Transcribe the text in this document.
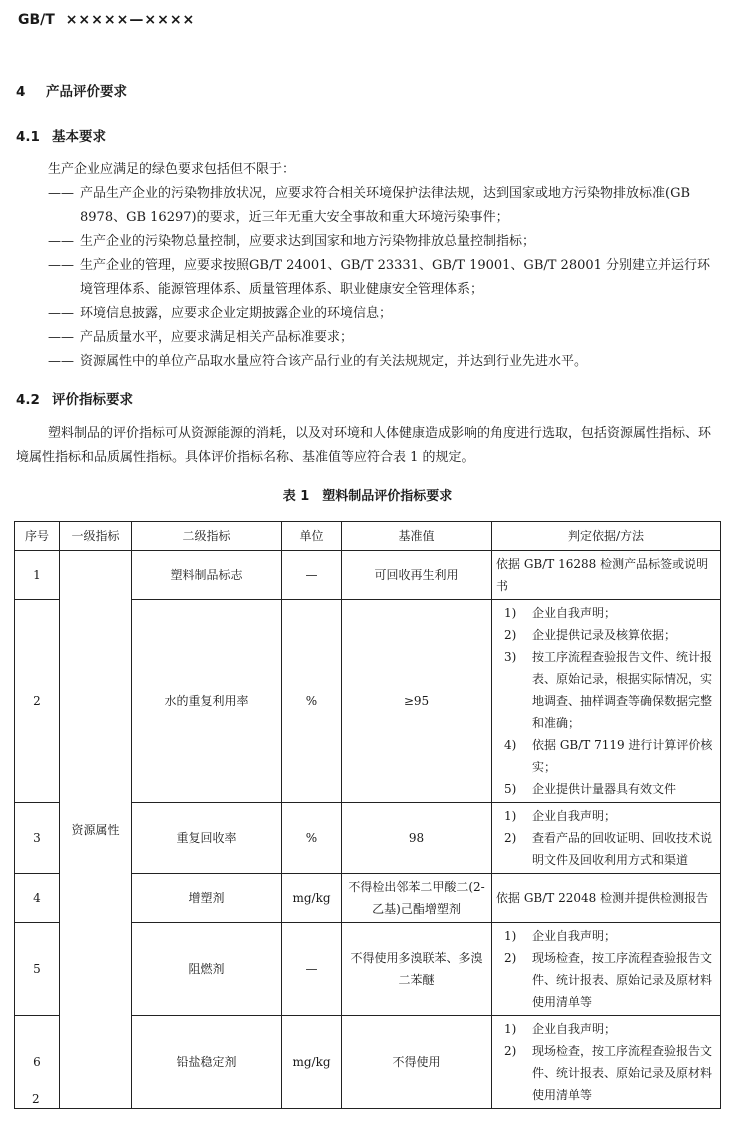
GB/T ×××××—××××
4 产品评价要求
4.1 基本要求
生产企业应满足的绿色要求包括但不限于：
—— 产品生产企业的污染物排放状况，应要求符合相关环境保护法律法规，达到国家或地方污染物排放标准(GB 8978、GB 16297)的要求，近三年无重大安全事故和重大环境污染事件；
—— 生产企业的污染物总量控制，应要求达到国家和地方污染物排放总量控制指标；
—— 生产企业的管理，应要求按照GB/T 24001、GB/T 23331、GB/T 19001、GB/T 28001 分别建立并运行环境管理体系、能源管理体系、质量管理体系、职业健康安全管理体系；
—— 环境信息披露，应要求企业定期披露企业的环境信息；
—— 产品质量水平，应要求满足相关产品标准要求；
—— 资源属性中的单位产品取水量应符合该产品行业的有关法规规定，并达到行业先进水平。
4.2 评价指标要求
塑料制品的评价指标可从资源能源的消耗，以及对环境和人体健康造成影响的角度进行选取，包括资源属性指标、环境属性指标和品质属性指标。具体评价指标名称、基准值等应符合表 1 的规定。
表 1　塑料制品评价指标要求
序号	一级指标	二级指标	单位	基准值	判定依据/方法
1	资源属性	塑料制品标志	—	可回收再生利用	依据 GB/T 16288 检测产品标签或说明书
2		水的重复利用率	%	≥95	1) 企业自我声明；
2) 企业提供记录及核算依据；
3) 按工序流程查验报告文件、统计报表、原始记录，根据实际情况，实地调查、抽样调查等确保数据完整和准确；
4) 依据 GB/T 7119 进行计算评价核实；
5) 企业提供计量器具有效文件

3		重复回收率	%	98	1) 企业自我声明；
2) 查看产品的回收证明、回收技术说明文件及回收利用方式和渠道

4		增塑剂	mg/kg	不得检出邻苯二甲酸二(2-乙基)己酯增塑剂	依据 GB/T 22048 检测并提供检测报告
5		阻燃剂	—	不得使用多溴联苯、多溴二苯醚	1) 企业自我声明；
2) 现场检查，按工序流程查验报告文件、统计报表、原始记录及原材料使用清单等

6		铅盐稳定剂	mg/kg	不得使用	1) 企业自我声明；
2) 现场检查，按工序流程查验报告文件、统计报表、原始记录及原材料使用清单等
2
